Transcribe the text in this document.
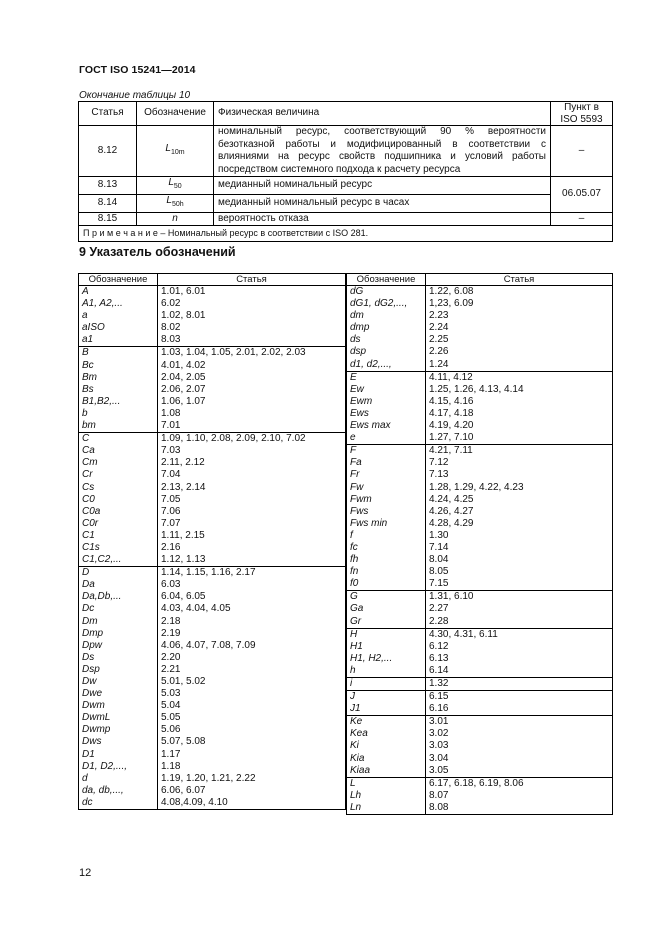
ГОСТ ISO 15241—2014
Окончание таблицы 10
Статья	Обозначение	Физическая величина	Пункт в ISO 5593
8.12	$L_{10m}$	номинальный ресурс, соответствующий 90 % вероятности безотказной работы и модифицированный в соответствии с влияниями на ресурс свойств подшипника и условий работы посредством системного подхода к расчету ресурса	–
8.13	$L_{50}$	медианный номинальный ресурс	06.05.07
8.14	$L_{50h}$	медианный номинальный ресурс в часах	
8.15	n	вероятность отказа	–
П р и м е ч а н и е – Номинальный ресурс в соответствии с ISO 281.			
9 Указатель обозначений
Обозначение	Статья
A	1.01, 6.01
A1, A2,...	6.02
a	1.02, 8.01
aISO	8.02
a1	8.03
B	1.03, 1.04, 1.05, 2.01, 2.02, 2.03
Bc	4.01, 4.02
Bm	2.04, 2.05
Bs	2.06, 2.07
B1,B2,...	1.06, 1.07
b	1.08
bm	7.01
C	1.09, 1.10, 2.08, 2.09, 2.10, 7.02
Ca	7.03
Cm	2.11, 2.12
Cr	7.04
Cs	2.13, 2.14
C0	7.05
C0a	7.06
C0r	7.07
C1	1.11, 2.15
C1s	2.16
C1,C2,...	1.12, 1.13
D	1.14, 1.15, 1.16, 2.17
Da	6.03
Da,Db,...	6.04, 6.05
Dc	4.03, 4.04, 4.05
Dm	2.18
Dmp	2.19
Dpw	4.06, 4.07, 7.08, 7.09
Ds	2.20
Dsp	2.21
Dw	5.01, 5.02
Dwe	5.03
Dwm	5.04
DwmL	5.05
Dwmp	5.06
Dws	5.07, 5.08
D1	1.17
D1, D2,...,	1.18
d	1.19, 1.20, 1.21, 2.22
da, db,...,	6.06, 6.07
dc	4.08,4.09, 4.10
Обозначение	Статья
dG	1.22, 6.08
dG1, dG2,...,	1,23, 6.09
dm	2.23
dmp	2.24
ds	2.25
dsp	2.26
d1, d2,...,	1.24
E	4.11, 4.12
Ew	1.25, 1.26, 4.13, 4.14
Ewm	4.15, 4.16
Ews	4.17, 4.18
Ews max	4.19, 4.20
e	1.27, 7.10
F	4.21, 7.11
Fa	7.12
Fr	7.13
Fw	1.28, 1.29, 4.22, 4.23
Fwm	4.24, 4.25
Fws	4.26, 4.27
Fws min	4.28, 4.29
f	1.30
fc	7.14
fh	8.04
fn	8.05
f0	7.15
G	1.31, 6.10
Ga	2.27
Gr	2.28
H	4.30, 4.31, 6.11
H1	6.12
H1, H2,...	6.13
h	6.14
i	1.32
J	6.15
J1	6.16
Ke	3.01
Kea	3.02
Ki	3.03
Kia	3.04
Kiaa	3.05
L	6.17, 6.18, 6.19, 8.06
Lh	8.07
Ln	8.08
12
